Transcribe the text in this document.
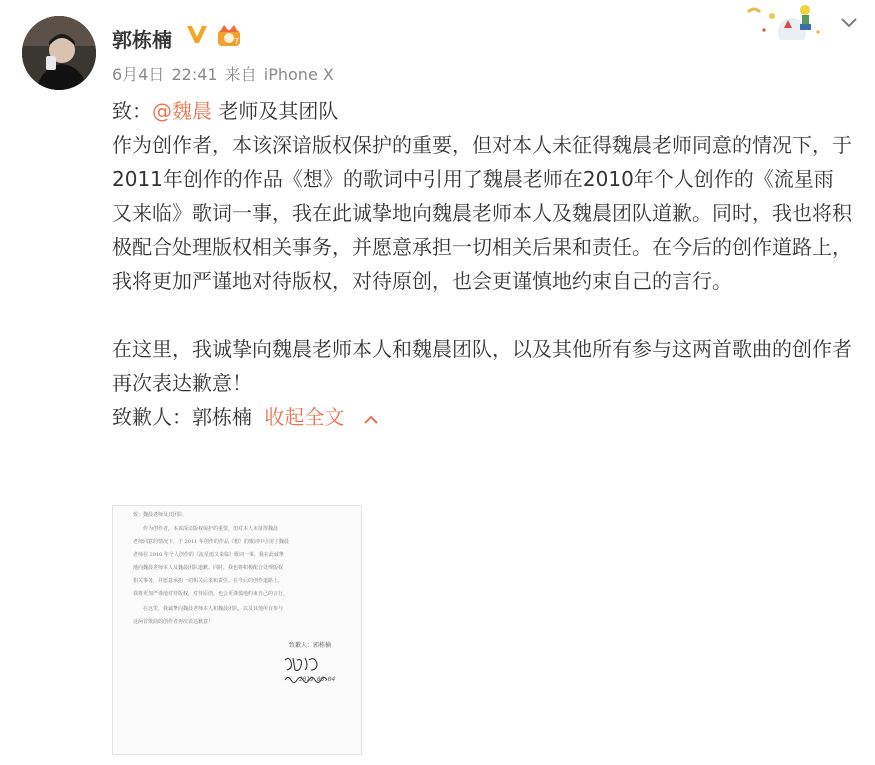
郭栋楠	7
6月4日 22:41 来自 iPhone X

致：@魏晨 老师及其团队

作为创作者，本该深谙版权保护的重要，但对本人未征得魏晨老师同意的情况下，于2011年创作的作品《想》的歌词中引用了魏晨老师在2010年个人创作的《流星雨又来临》歌词一事，我在此诚挚地向魏晨老师本人及魏晨团队道歉。同时，我也将积极配合处理版权相关事务，并愿意承担一切相关后果和责任。在今后的创作道路上，我将更加严谨地对待版权，对待原创，也会更谨慎地约束自己的言行。

在这里，我诚挚向魏晨老师本人和魏晨团队，以及其他所有参与这两首歌曲的创作者再次表达歉意！

致歉人：郭栋楠 收起全文

致：魏晨老师及其团队
作为创作者，本该深谙版权保护的重要，但对本人未征得魏晨
老师同意的情况下，于 2011 年创作的作品《想》的歌词中引用了魏晨
老师在 2010 年个人创作的《流星雨又来临》歌词一事，我在此诚挚
地向魏晨老师本人及魏晨团队道歉。同时，我也将积极配合处理版权
相关事务，并愿意承担一切相关后果和责任。在今后的创作道路上，
我将更加严谨地对待版权，对待原创，也会更谨慎地约束自己的言行。
在这里，我诚挚向魏晨老师本人和魏晨团队，以及其他所有参与
这两首歌曲的创作者再次表达歉意！
致歉人：郭栋楠
2019.06.04
